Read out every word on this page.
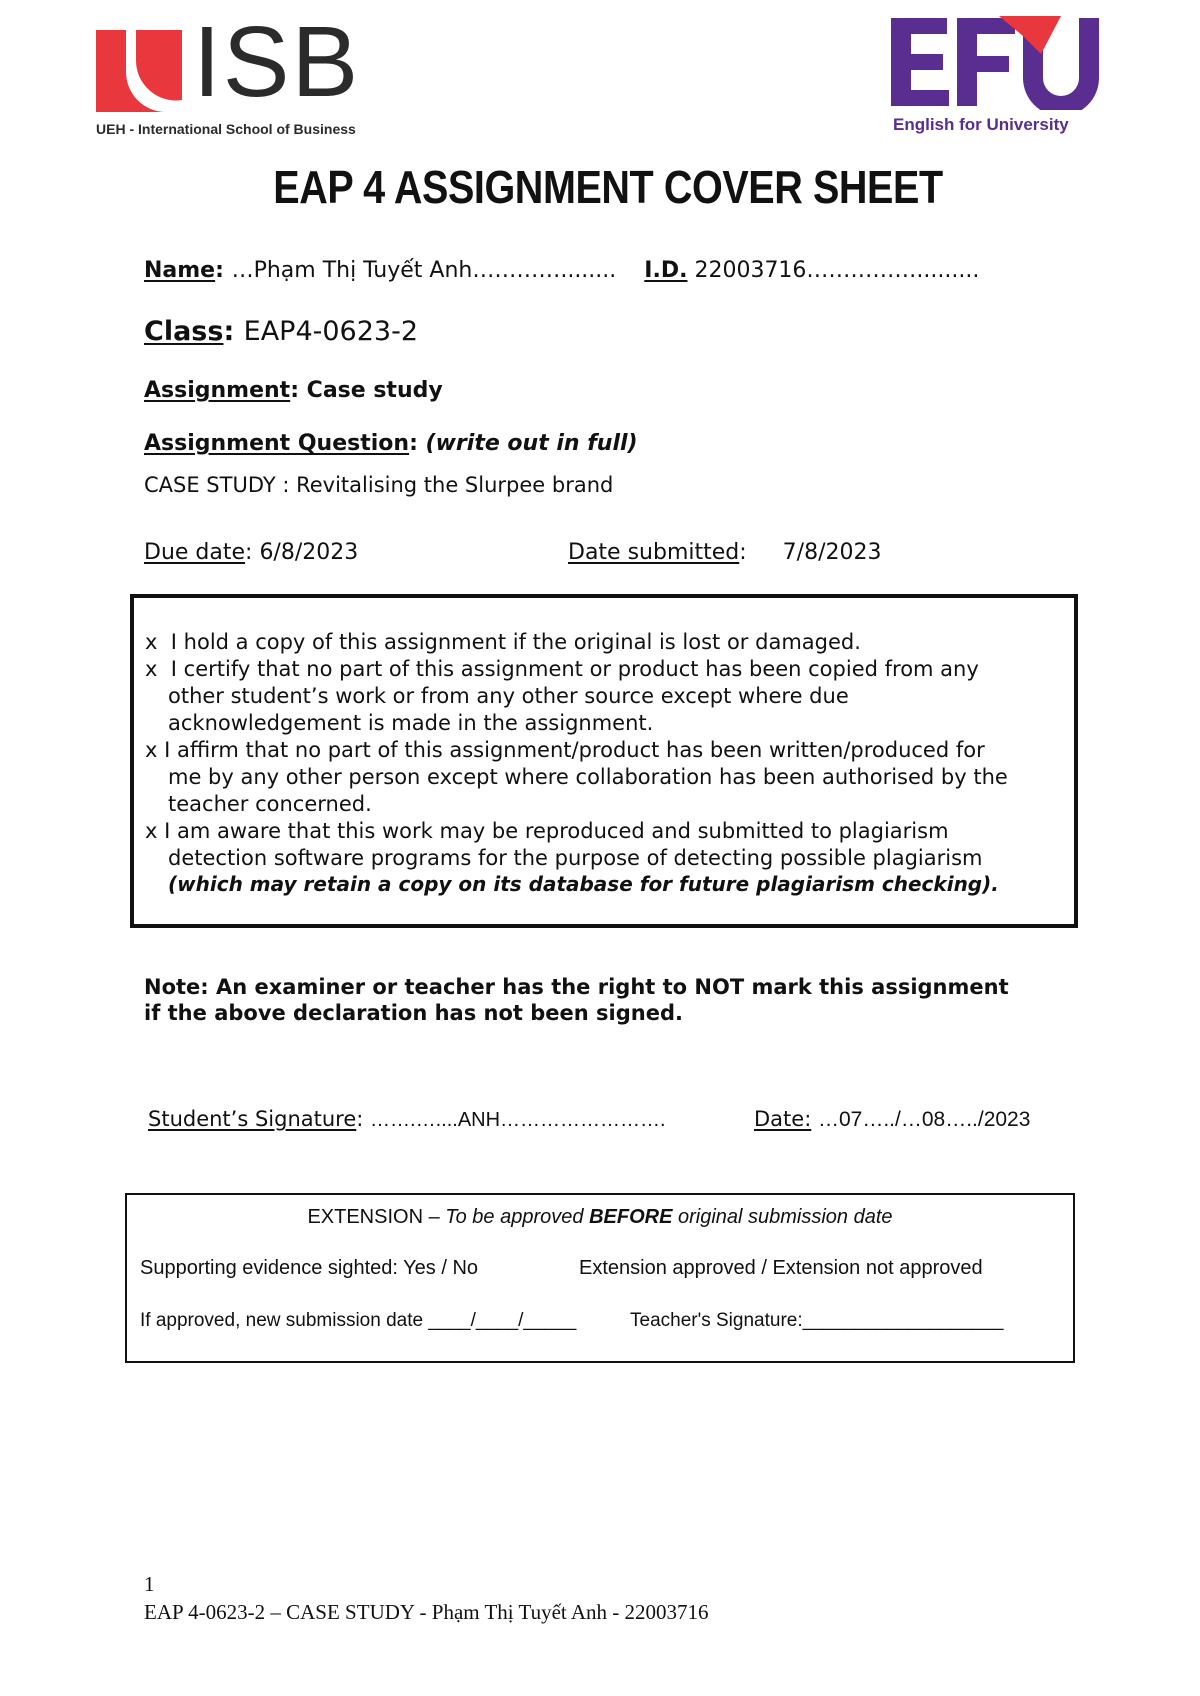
ISB
UEH - International School of Business	English for University
EAP 4 ASSIGNMENT COVER SHEET
Name: …Phạm Thị Tuyết Anh…………........ I.D. 22003716…………….........
Class: EAP4-0623-2
Assignment: Case study
Assignment Question: (write out in full)
CASE STUDY : Revitalising the Slurpee brand
Due date: 6/8/2023	Date submitted: 7/8/2023
x I hold a copy of this assignment if the original is lost or damaged.
x I certify that no part of this assignment or product has been copied from any
other student’s work or from any other source except where due
acknowledgement is made in the assignment.
x I affirm that no part of this assignment/product has been written/produced for
me by any other person except where collaboration has been authorised by the
teacher concerned.
x I am aware that this work may be reproduced and submitted to plagiarism
detection software programs for the purpose of detecting possible plagiarism
(which may retain a copy on its database for future plagiarism checking).
Note: An examiner or teacher has the right to NOT mark this assignment
if the above declaration has not been signed.
Student’s Signature: …….…....ANH…………………….	Date: …07…../…08…../2023
EXTENSION – To be approved BEFORE original submission date
Supporting evidence sighted: Yes / No	Extension approved / Extension not approved
If approved, new submission date ____/____/_____	Teacher's Signature:___________________
1
EAP 4-0623-2 – CASE STUDY - Phạm Thị Tuyết Anh - 22003716
